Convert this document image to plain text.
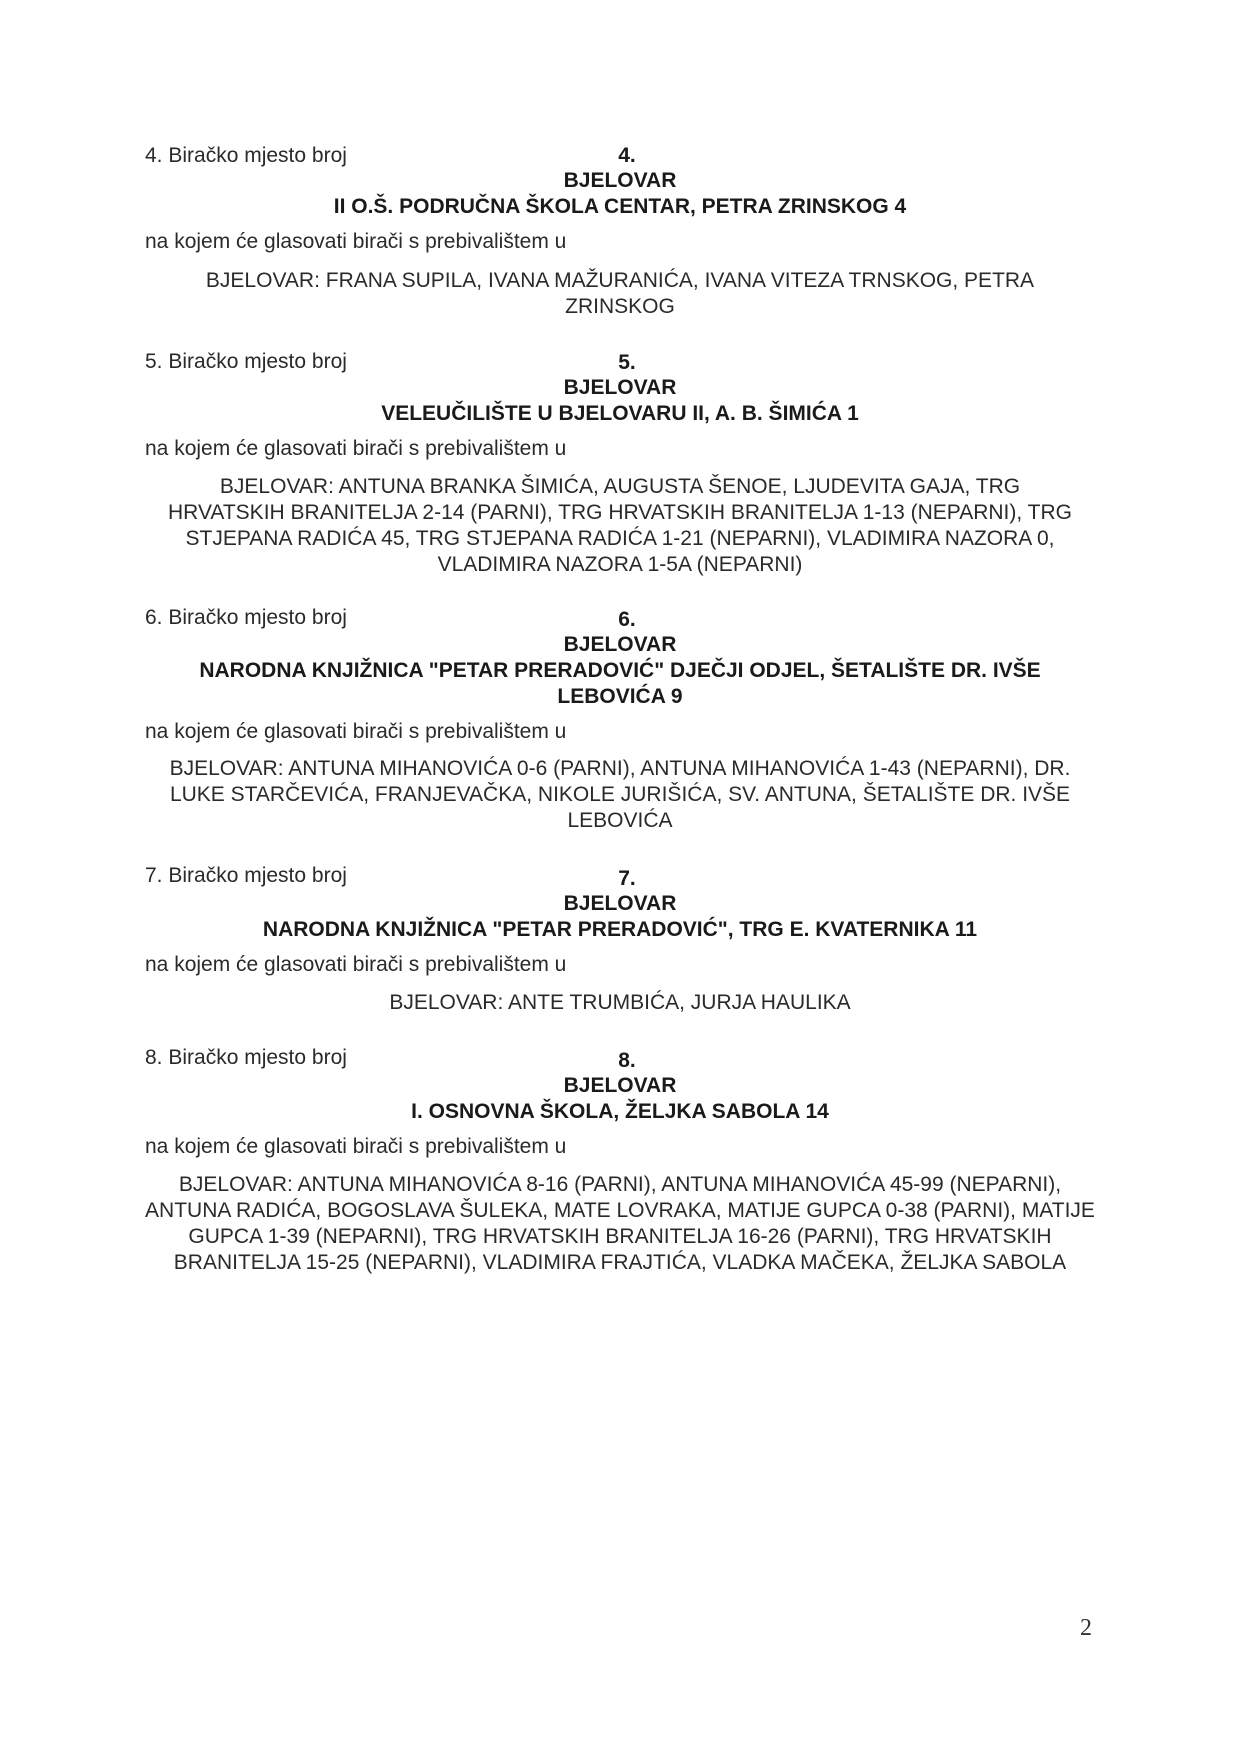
4. Biračko mjesto broj	4.
BJELOVAR
II O.Š. PODRUČNA ŠKOLA CENTAR, PETRA ZRINSKOG 4
na kojem će glasovati birači s prebivalištem u
BJELOVAR: FRANA SUPILA, IVANA MAŽURANIĆA, IVANA VITEZA TRNSKOG, PETRA ZRINSKOG
5. Biračko mjesto broj	5.
BJELOVAR
VELEUČILIŠTE U BJELOVARU II, A. B. ŠIMIĆA 1
na kojem će glasovati birači s prebivalištem u
BJELOVAR: ANTUNA BRANKA ŠIMIĆA, AUGUSTA ŠENOE, LJUDEVITA GAJA, TRG HRVATSKIH BRANITELJA 2-14 (PARNI), TRG HRVATSKIH BRANITELJA 1-13 (NEPARNI), TRG STJEPANA RADIĆA 45, TRG STJEPANA RADIĆA 1-21 (NEPARNI), VLADIMIRA NAZORA 0, VLADIMIRA NAZORA 1-5A (NEPARNI)
6. Biračko mjesto broj	6.
BJELOVAR
NARODNA KNJIŽNICA "PETAR PRERADOVIĆ" DJEČJI ODJEL, ŠETALIŠTE DR. IVŠE LEBOVIĆA 9
na kojem će glasovati birači s prebivalištem u
BJELOVAR: ANTUNA MIHANOVIĆA 0-6 (PARNI), ANTUNA MIHANOVIĆA 1-43 (NEPARNI), DR. LUKE STARČEVIĆA, FRANJEVAČKA, NIKOLE JURIŠIĆA, SV. ANTUNA, ŠETALIŠTE DR. IVŠE LEBOVIĆA
7. Biračko mjesto broj	7.
BJELOVAR
NARODNA KNJIŽNICA "PETAR PRERADOVIĆ", TRG E. KVATERNIKA 11
na kojem će glasovati birači s prebivalištem u
BJELOVAR: ANTE TRUMBIĆA, JURJA HAULIKA
8. Biračko mjesto broj	8.
BJELOVAR
I. OSNOVNA ŠKOLA, ŽELJKA SABOLA 14
na kojem će glasovati birači s prebivalištem u
BJELOVAR: ANTUNA MIHANOVIĆA 8-16 (PARNI), ANTUNA MIHANOVIĆA 45-99 (NEPARNI), ANTUNA RADIĆA, BOGOSLAVA ŠULEKA, MATE LOVRAKA, MATIJE GUPCA 0-38 (PARNI), MATIJE GUPCA 1-39 (NEPARNI), TRG HRVATSKIH BRANITELJA 16-26 (PARNI), TRG HRVATSKIH BRANITELJA 15-25 (NEPARNI), VLADIMIRA FRAJTIĆA, VLADKA MAČEKA, ŽELJKA SABOLA
2
